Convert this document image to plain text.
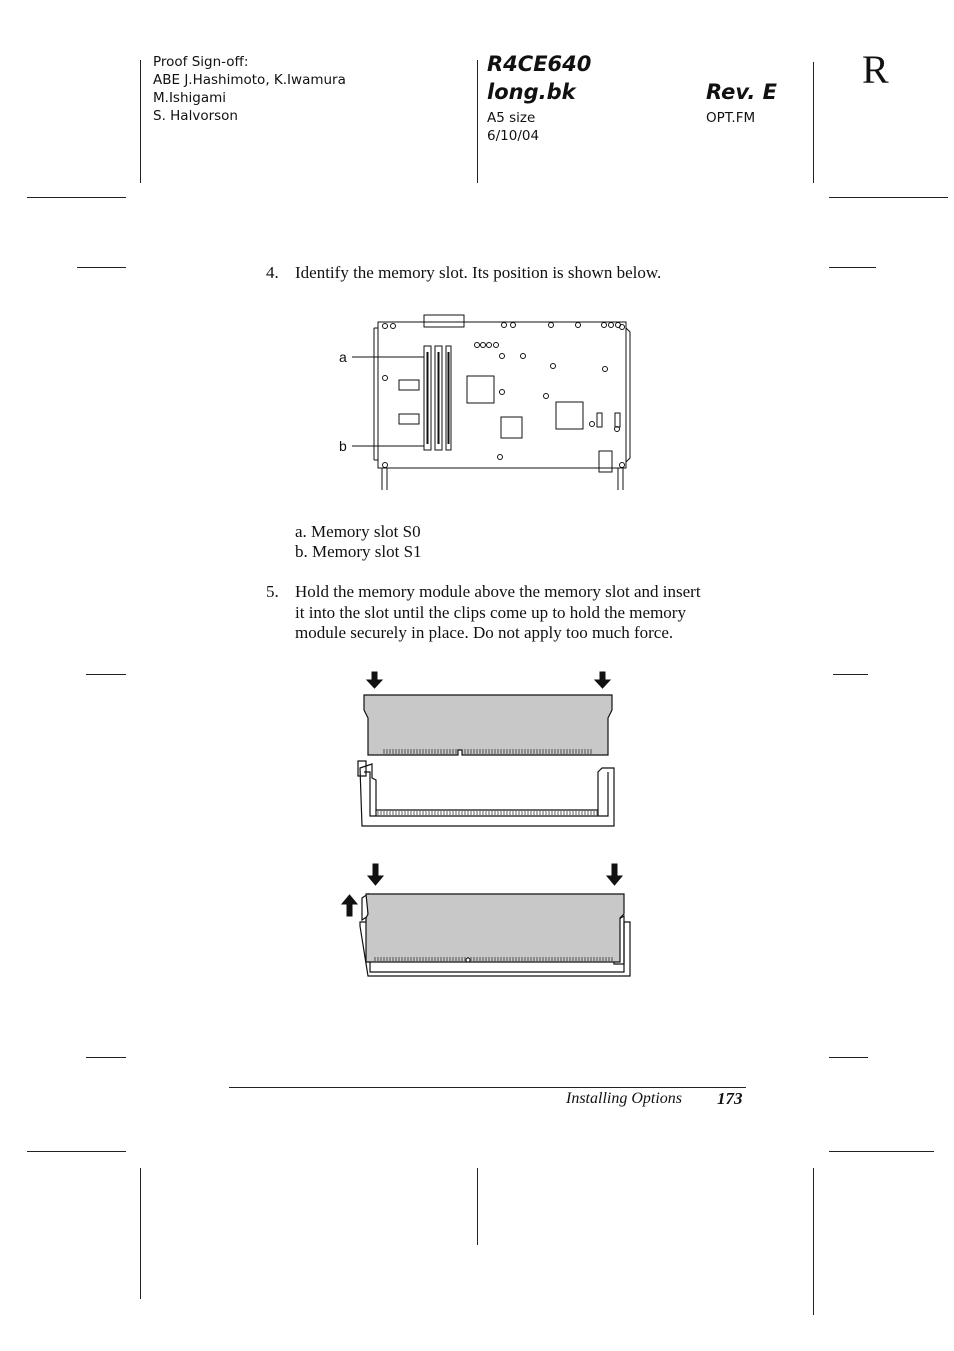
Proof Sign-off:
ABE J.Hashimoto, K.Iwamura
M.Ishigami
S. Halvorson
R4CE640
long.bk	Rev. E
A5 size
6/10/04
OPT.FM
R
4. Identify the memory slot. Its position is shown below.
a
b
a. Memory slot S0
b. Memory slot S1
5. Hold the memory module above the memory slot and insert
it into the slot until the clips come up to hold the memory
module securely in place. Do not apply too much force.
Installing Options 173
